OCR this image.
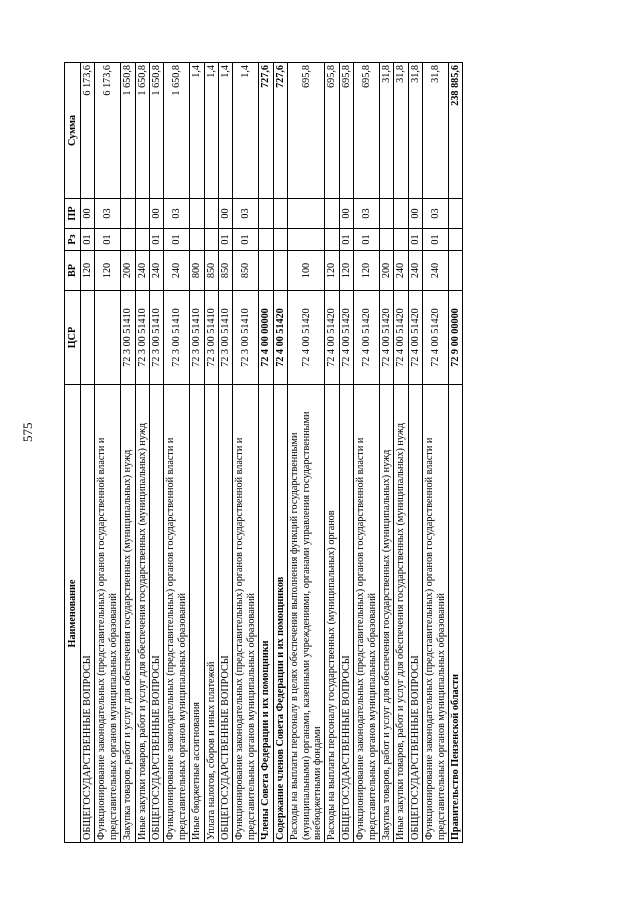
575
Наименование	ЦСР	ВР	Рз	ПР	Сумма
ОБЩЕГОСУДАРСТВЕННЫЕ ВОПРОСЫ		120	01	00	6 173,6
Функционирование законодательных (представительных) органов государственной власти и представительных органов муниципальных образований		120	01	03	6 173,6
Закупка товаров, работ и услуг для обеспечения государственных (муниципальных) нужд	72 3 00 51410	200			1 650,8
Иные закупки товаров, работ и услуг для обеспечения государственных (муниципальных) нужд	72 3 00 51410	240			1 650,8
ОБЩЕГОСУДАРСТВЕННЫЕ ВОПРОСЫ	72 3 00 51410	240	01	00	1 650,8
Функционирование законодательных (представительных) органов государственной власти и представительных органов муниципальных образований	72 3 00 51410	240	01	03	1 650,8
Иные бюджетные ассигнования	72 3 00 51410	800			1,4
Уплата налогов, сборов и иных платежей	72 3 00 51410	850			1,4
ОБЩЕГОСУДАРСТВЕННЫЕ ВОПРОСЫ	72 3 00 51410	850	01	00	1,4
Функционирование законодательных (представительных) органов государственной власти и представительных органов муниципальных образований	72 3 00 51410	850	01	03	1,4
Члены Совета Федерации и их помощники	72 4 00 00000				727,6
Содержание членов Совета Федерации и их помощников	72 4 00 51420				727,6
Расходы на выплаты персоналу в целях обеспечения выполнения функций государственными (муниципальными) органами, казенными учреждениями, органами управления государственными внебюджетными фондами	72 4 00 51420	100			695,8
Расходы на выплаты персоналу государственных (муниципальных) органов	72 4 00 51420	120			695,8
ОБЩЕГОСУДАРСТВЕННЫЕ ВОПРОСЫ	72 4 00 51420	120	01	00	695,8
Функционирование законодательных (представительных) органов государственной власти и представительных органов муниципальных образований	72 4 00 51420	120	01	03	695,8
Закупка товаров, работ и услуг для обеспечения государственных (муниципальных) нужд	72 4 00 51420	200			31,8
Иные закупки товаров, работ и услуг для обеспечения государственных (муниципальных) нужд	72 4 00 51420	240			31,8
ОБЩЕГОСУДАРСТВЕННЫЕ ВОПРОСЫ	72 4 00 51420	240	01	00	31,8
Функционирование законодательных (представительных) органов государственной власти и представительных органов муниципальных образований	72 4 00 51420	240	01	03	31,8
Правительство Пензенской области	72 9 00 00000				238 885,6
